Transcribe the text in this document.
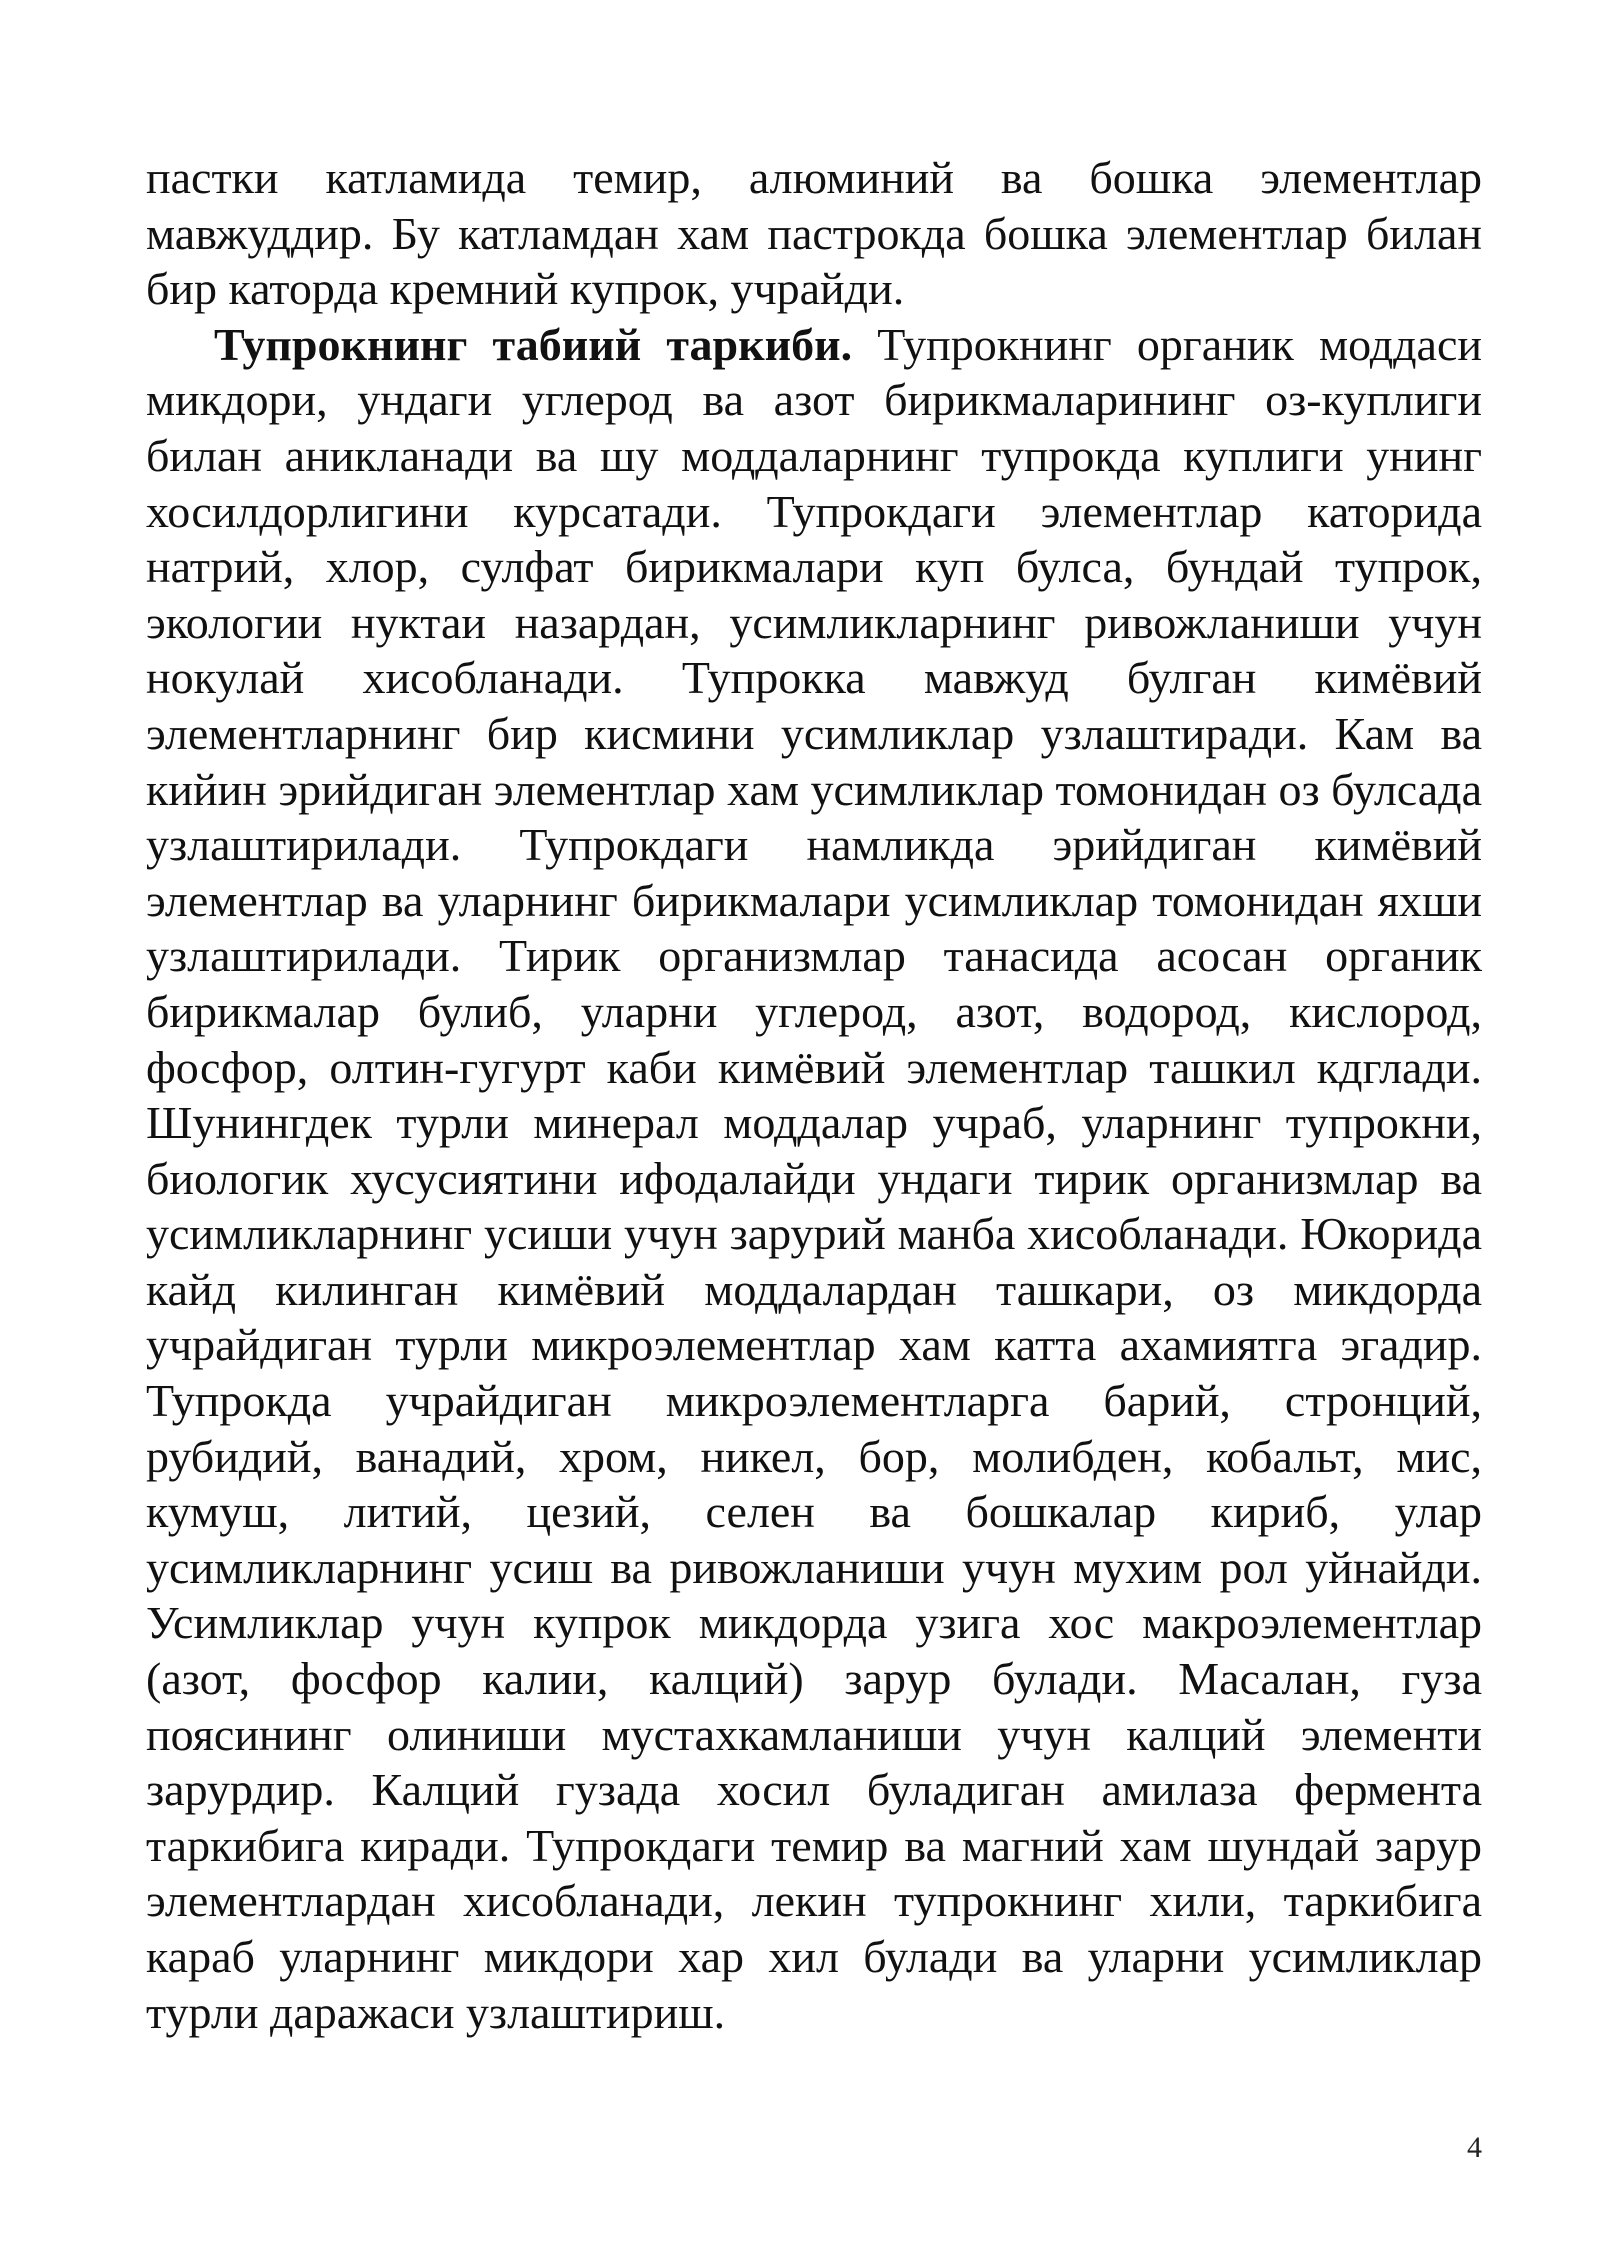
пастки катламида темир, алюминий ва бошка элементлар мавжуддир. Бу катламдан хам пастрокда бошка элементлар билан бир каторда кремний купрок, учрайди.

Тупрокнинг табиий таркиби. Тупрокнинг органик моддаси микдори, ундаги углерод ва азот бирикмаларининг оз-куплиги билан аникланади ва шу моддаларнинг тупрокда куплиги унинг хосилдорлигини курсатади. Тупрокдаги элементлар каторида натрий, хлор, сулфат бирикмалари куп булса, бундай тупрок, экологии нуктаи назардан, усимликларнинг ривожланиши учун нокулай хисобланади. Тупрокка мавжуд булган кимёвий элементларнинг бир кисмини усимликлар узлаштиради. Кам ва кийин эрийдиган элементлар хам усимликлар томонидан оз булсада узлаштирилади. Тупрокдаги намликда эрийдиган кимёвий элементлар ва уларнинг бирикмалари усимликлар томонидан яхши узлаштирилади. Тирик организмлар танасида асосан органик бирикмалар булиб, уларни углерод, азот, водород, кислород, фосфор, олтин-гугурт каби кимёвий элементлар ташкил кдглади. Шунингдек турли минерал моддалар учраб, уларнинг тупрокни, биологик хусусиятини ифодалайди ундаги тирик организмлар ва усимликларнинг усиши учун зарурий манба хисобланади. Юкорида кайд килинган кимёвий моддалардан ташкари, оз микдорда учрайдиган турли микроэлементлар хам катта ахамиятга эгадир. Тупрокда учрайдиган микроэлементларга барий, стронций, рубидий, ванадий, хром, никел, бор, молибден, кобальт, мис, кумуш, литий, цезий, селен ва бошкалар кириб, улар усимликларнинг усиш ва ривожланиши учун мухим рол уйнайди. Усимликлар учун купрок микдорда узига хос макроэлементлар (азот, фосфор калии, калций) зарур булади. Масалан, гуза поясининг олиниши мустахкамланиши учун калций элементи зарурдир. Калций гузада хосил буладиган амилаза фермента таркибига киради. Тупрокдаги темир ва магний хам шундай зарур элементлардан хисобланади, лекин тупрокнинг хили, таркибига караб уларнинг микдори хар хил булади ва уларни усимликлар турли даражаси узлаштириш.

4
